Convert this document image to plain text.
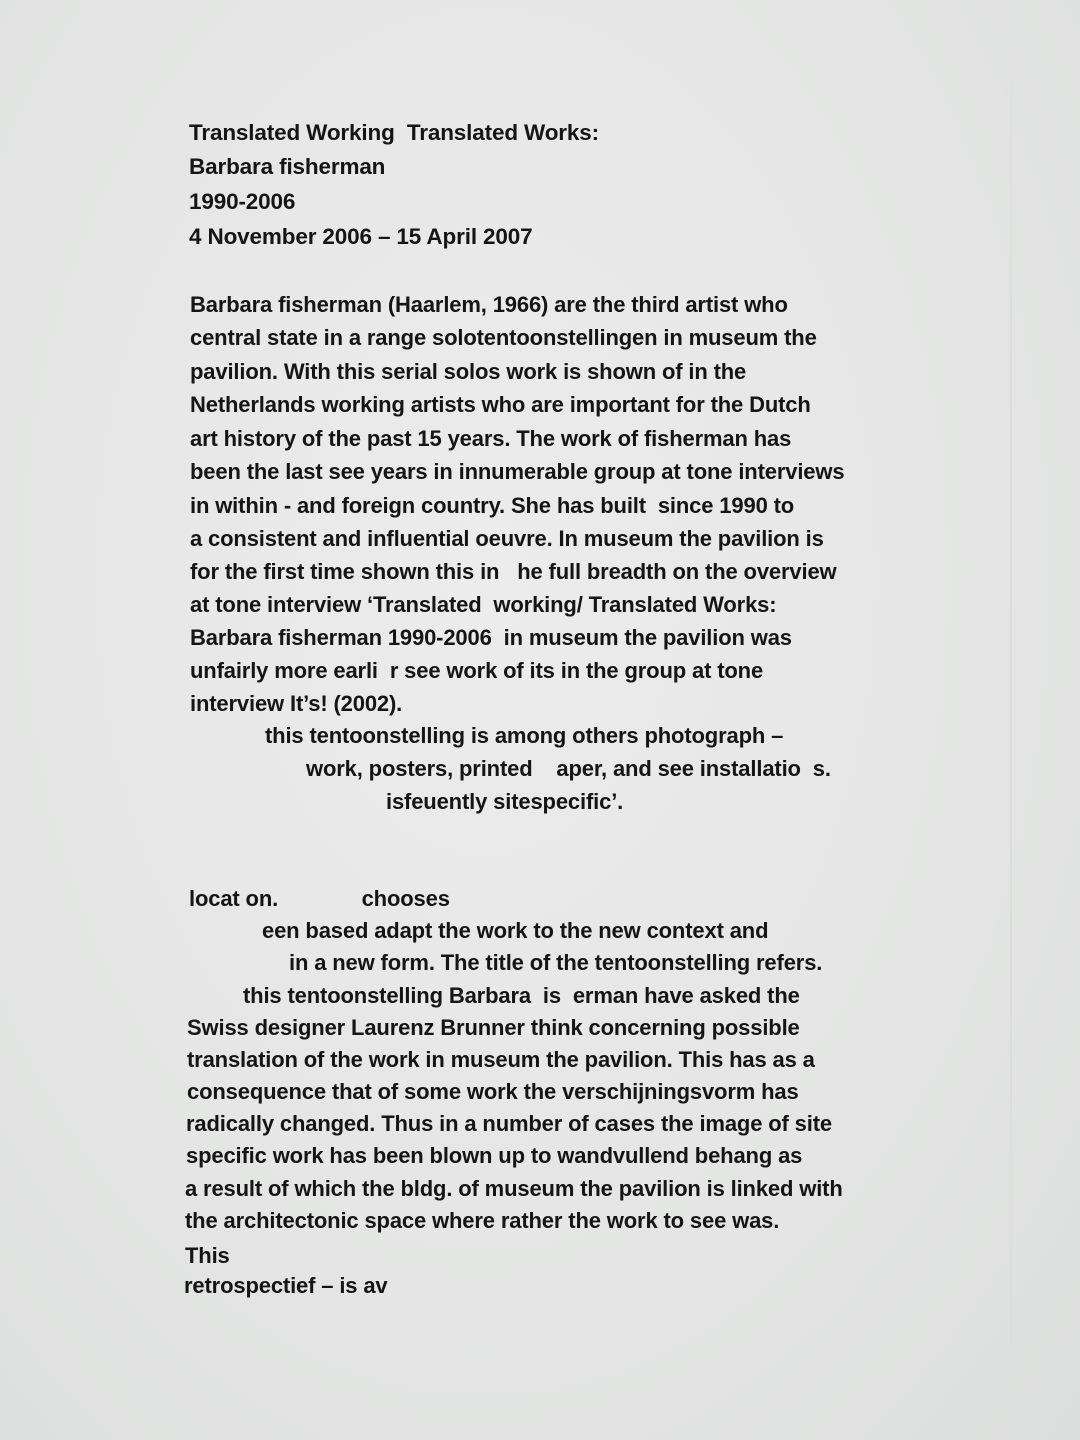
Translated Working  Translated Works:
Barbara fisherman
1990-2006
4 November 2006 – 15 April 2007
Barbara fisherman (Haarlem, 1966) are the third artist who
central state in a range solotentoonstellingen in museum the
pavilion. With this serial solos work is shown of in the
Netherlands working artists who are important for the Dutch
art history of the past 15 years. The work of fisherman has
been the last see years in innumerable group at tone interviews
in within - and foreign country. She has built  since 1990 to
a consistent and influential oeuvre. In museum the pavilion is
for the first time shown this in   he full breadth on the overview
at tone interview ‘Translated  working/ Translated Works:
Barbara fisherman 1990-2006  in museum the pavilion was
unfairly more earli  r see work of its in the group at tone
interview It’s! (2002).
this tentoonstelling is among others photograph –
work, posters, printed    aper, and see installatio  s.
isfeuently sitespecific’.
locat on.              chooses
een based adapt the work to the new context and
in a new form. The title of the tentoonstelling refers.
this tentoonstelling Barbara  is  erman have asked the
Swiss designer Laurenz Brunner think concerning possible
translation of the work in museum the pavilion. This has as a
consequence that of some work the verschijningsvorm has
radically changed. Thus in a number of cases the image of site
specific work has been blown up to wandvullend behang as
a result of which the bldg. of museum the pavilion is linked with
the architectonic space where rather the work to see was.
This
retrospectief – is av
